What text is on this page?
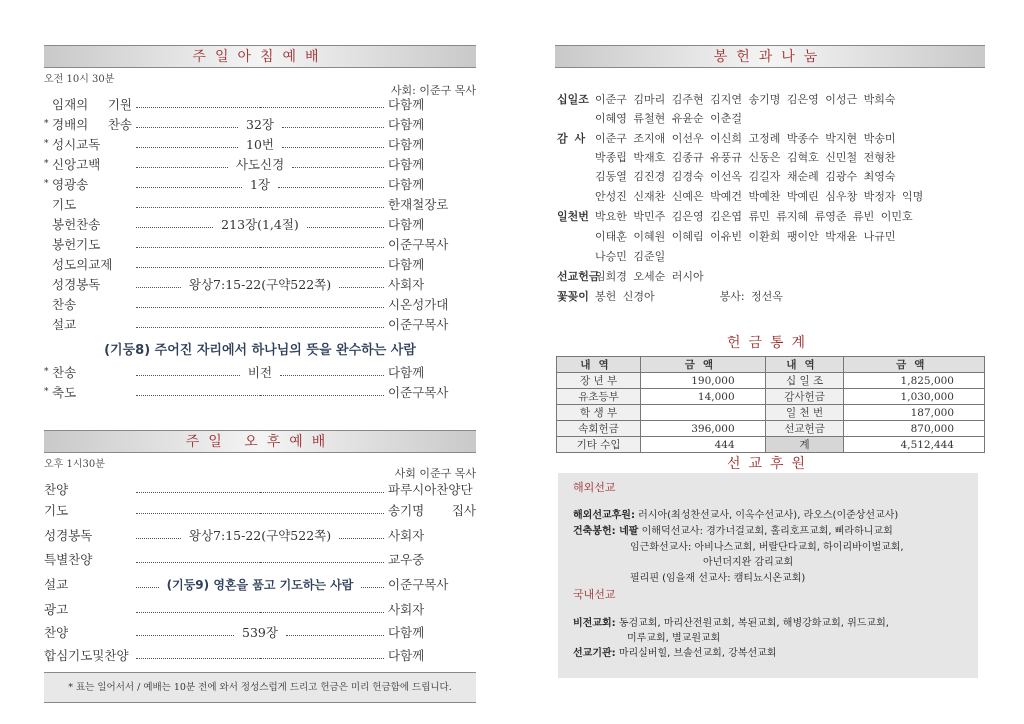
주일아침예배
오전 10시 30분
사회: 이준구 목사
임재의 기원	다함께
* 경배의 찬송	32장	다함께
* 성시교독	10번	다함께
* 신앙고백	사도신경	다함께
* 영광송	1장	다함께
기도	한재철장로
봉헌찬송	213장(1,4절)	다함께
봉헌기도	이준구목사
성도의교제	다함께
성경봉독	왕상7:15-22(구약522쪽)	사회자
찬송	시온성가대
설교	이준구목사
(기둥8) 주어진 자리에서 하나님의 뜻을 완수하는 사람
* 찬송	비전	다함께
* 축도	이준구목사
주일 오후예배
오후 1시30분
사회 이준구 목사
찬양	파루시아찬양단
기도	송기명 집사
성경봉독	왕상7:15-22(구약522쪽)	사회자
특별찬양	교우중
설교	(기둥9) 영혼을 품고 기도하는 사람	이준구목사
광고	사회자
찬양	539장	다함께
합심기도및찬양	다함께
* 표는 일어서서 / 예배는 10분 전에 와서 정성스럽게 드리고 헌금은 미리 헌금함에 드립니다.
봉헌과나눔
십일조 이준구 김마리 김주현 김지연 송기명 김은영 이성근 박희숙
이혜영 류철현 유윤순 이춘걸
감 사 이준구 조지애 이선우 이신희 고정례 박종수 박지현 박송미
박종립 박재호 김종규 유풍규 신동은 김혁호 신민철 전형찬
김동열 김진경 김경숙 이선옥 김길자 채순례 김광수 최영숙
안성진 신재찬 신예은 박예건 박예찬 박예린 심우창 박정자 익명
일천번 박요한 박민주 김은영 김은엽 류민 류지혜 류영준 류빈 이민호
이태훈 이혜원 이혜림 이유빈 이환희 팽이안 박재윤 나규민
나승민 김준일
선교헌금임희경 오세순 러시아
꽃꽂이 봉헌 신경아          봉사: 정선옥
헌금통계
내역	금액	내역	금액
장 년 부	190,000	십 일 조	1,825,000
유초등부	14,000	감사헌금	1,030,000
학 생 부		일 천 번	187,000
속회헌금	396,000	선교헌금	870,000
기타 수입	444	계	4,512,444
선교후원

해외선교

해외선교후원: 러시아(최성찬선교사, 이옥수선교사), 라오스(이준상선교사)

건축봉헌: 네팔 이해덕선교사: 경가너걸교회, 홀리호프교회, 삐라하니교회

임근화선교사: 아비나스교회, 버랄단다교회, 하이리바이벌교회,

아넌더지완 감리교회

필리핀 (임을재 선교사: 캠티뇨시온교회)

국내선교

비전교회: 동검교회, 마리산전원교회, 복된교회, 해병강화교회, 위드교회,

미루교회, 별교원교회

선교기관: 마리실버힐, 브솔선교회, 강복선교회
